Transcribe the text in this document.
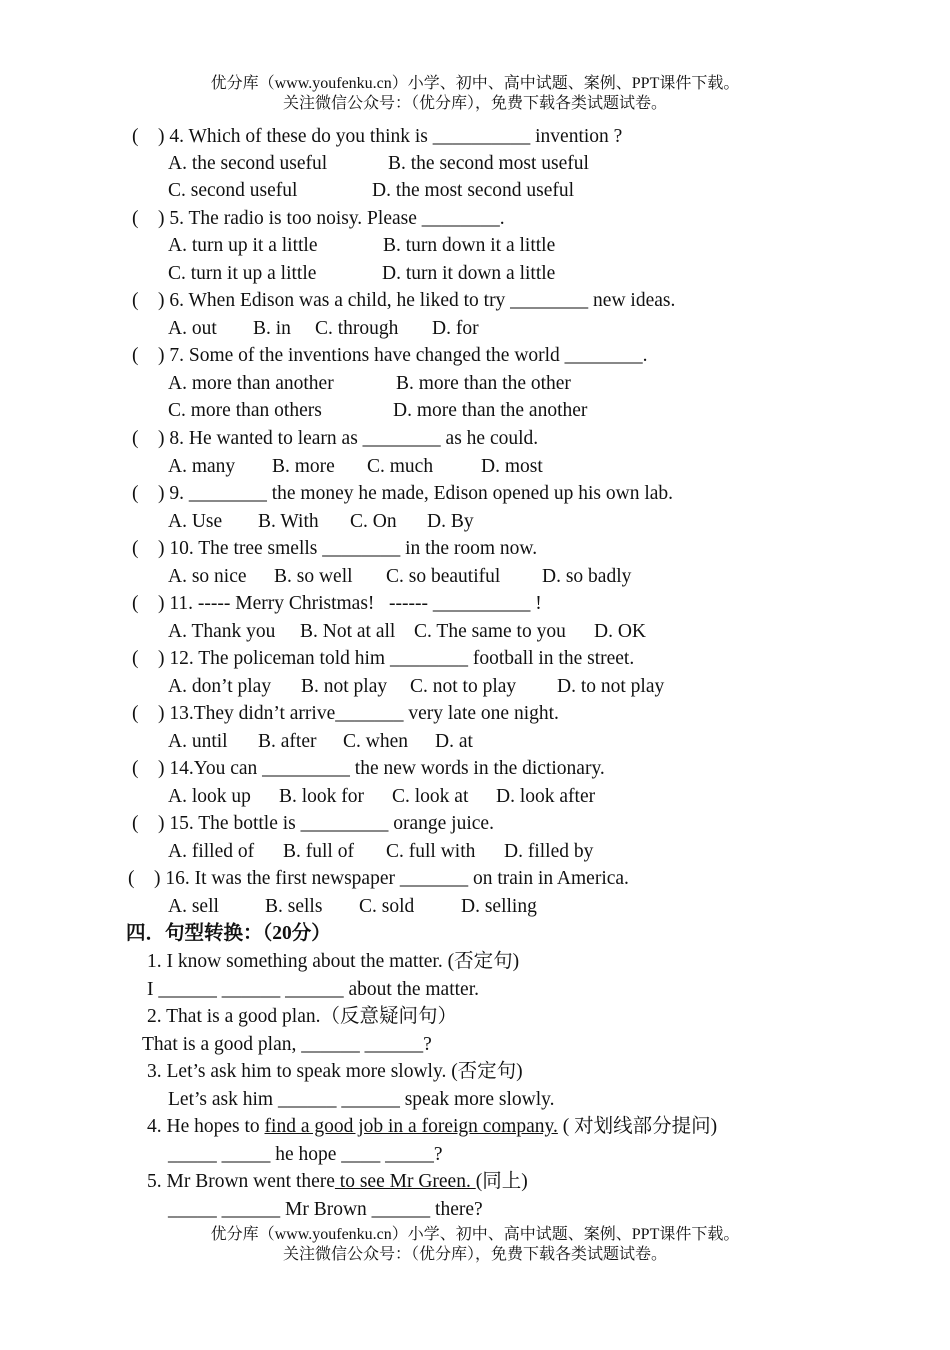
优分库（www.youfenku.cn）小学、初中、高中试题、案例、PPT课件下载。
关注微信公众号：（优分库），免费下载各类试题试卷。
(    ) 4. Which of these do you think is __________ invention ?
A. the second useful	B. the second most useful
C. second useful	D. the most second useful
(    ) 5. The radio is too noisy. Please ________.
A. turn up it a little	B. turn down it a little
C. turn it up a little	D. turn it down a little
(    ) 6. When Edison was a child, he liked to try ________ new ideas.
A. out B. in C. through D. for
(    ) 7. Some of the inventions have changed the world ________.
A. more than another	B. more than the other
C. more than others	D. more than the another
(    ) 8. He wanted to learn as ________ as he could.
A. many B. more C. much D. most
(    ) 9. ________ the money he made, Edison opened up his own lab.
A. Use B. With C. On D. By
(    ) 10. The tree smells ________ in the room now.
A. so nice B. so well C. so beautiful D. so badly
(    ) 11. ----- Merry Christmas!   ------ __________ !
A. Thank you B. Not at all C. The same to you D. OK
(    ) 12. The policeman told him ________ football in the street.
A. don’t play B. not play C. not to play D. to not play
(    ) 13.They didn’t arrive_______ very late one night.
A. until B. after C. when D. at
(    ) 14.You can _________ the new words in the dictionary.
A. look up B. look for C. look at D. look after
(    ) 15. The bottle is _________ orange juice.
A. filled of B. full of C. full with D. filled by
(    ) 16. It was the first newspaper _______ on train in America.
A. sell B. sells C. sold D. selling
四．句型转换：（20分）
1. I know something about the matter. (否定句)
I ______ ______ ______ about the matter.
2. That is a good plan.（反意疑问句）
That is a good plan, ______ ______?
3. Let’s ask him to speak more slowly. (否定句)
Let’s ask him ______ ______ speak more slowly.
4. He hopes to find a good job in a foreign company. ( 对划线部分提问)
_____ _____ he hope ____ _____?
5. Mr Brown went there to see Mr Green. (同上)
_____ ______ Mr Brown ______ there?
优分库（www.youfenku.cn）小学、初中、高中试题、案例、PPT课件下载。
关注微信公众号：（优分库），免费下载各类试题试卷。
